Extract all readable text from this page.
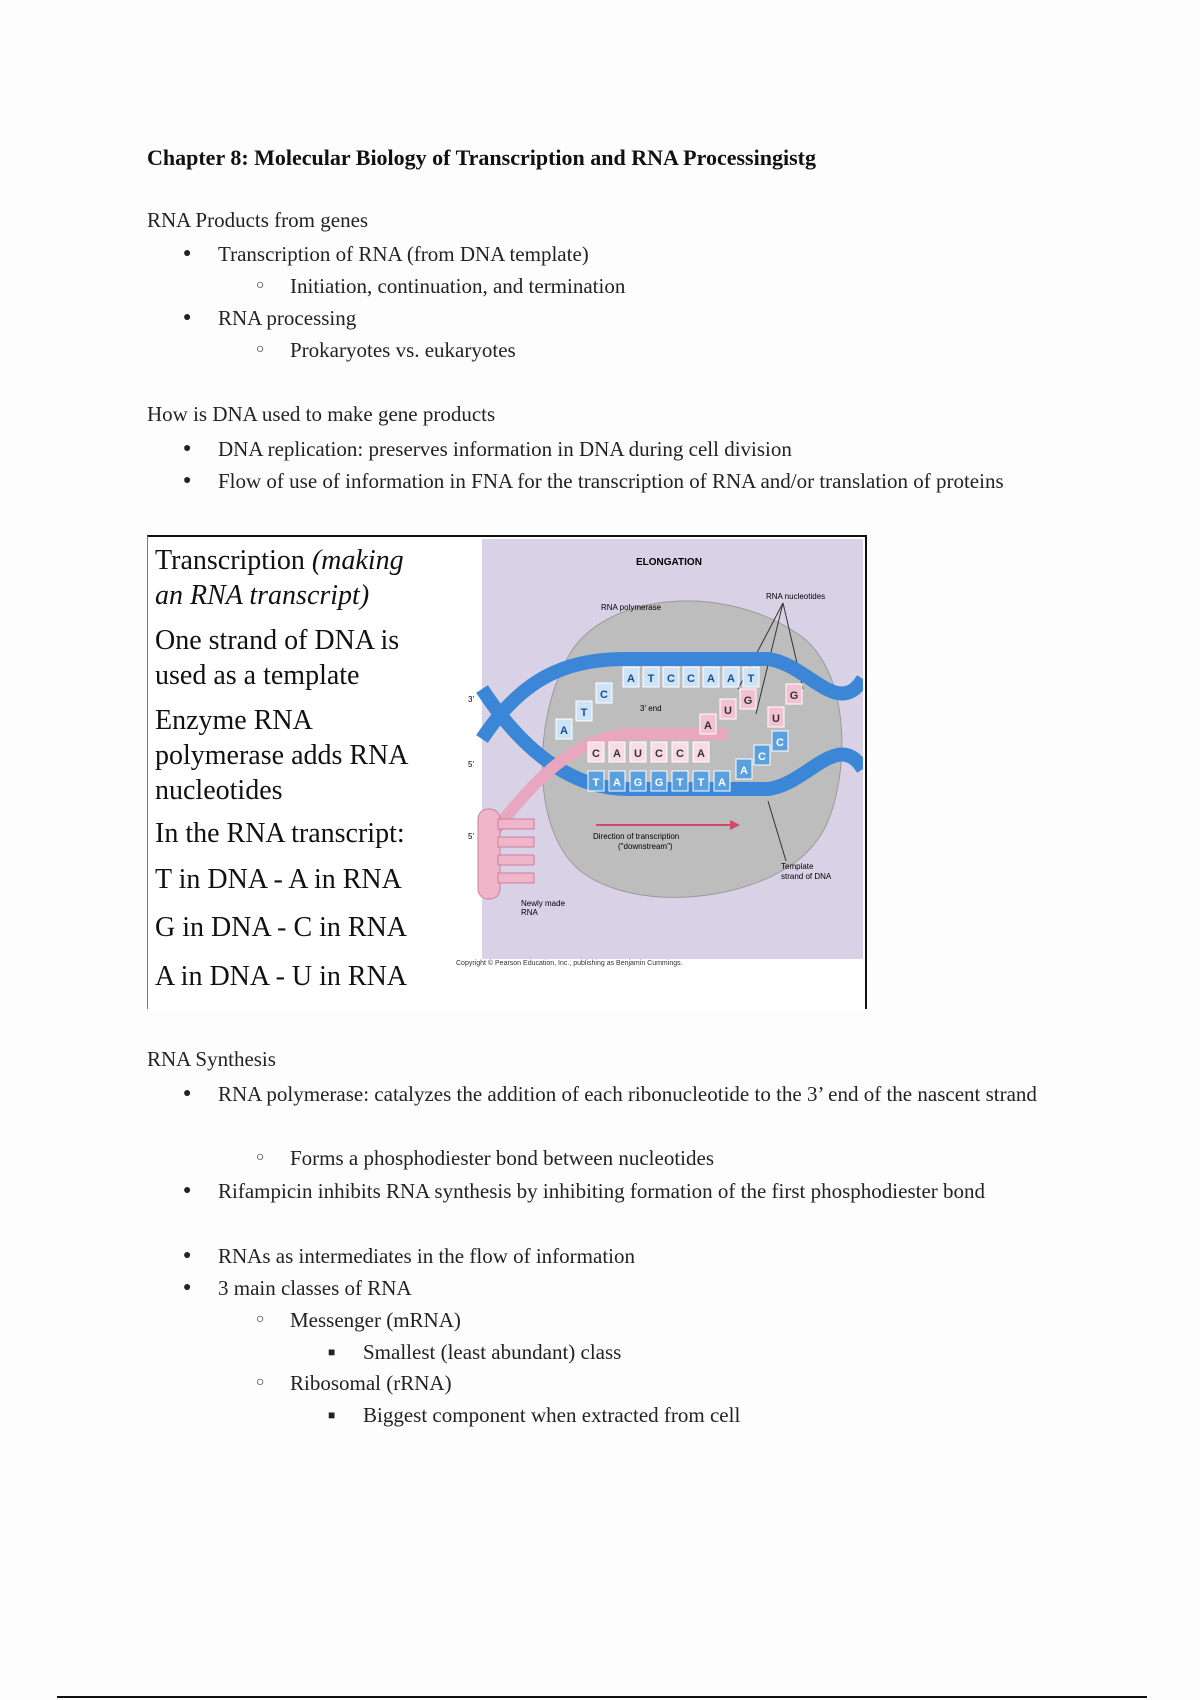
Chapter 8: Molecular Biology of Transcription and RNA Processingistg
RNA Products from genes
● Transcription of RNA (from DNA template)
○ Initiation, continuation, and termination
● RNA processing
○ Prokaryotes vs. eukaryotes
How is DNA used to make gene products
● DNA replication: preserves information in DNA during cell division
● Flow of use of information in FNA for the transcription of RNA and/or translation of proteins

Transcription (making an RNA transcript)

One strand of DNA is used as a template

Enzyme RNA polymerase adds RNA nucleotides

In the RNA transcript:

T in DNA - A in RNA

G in DNA - C in RNA

A in DNA - U in RNA

ELONGATION
RNA polymerase
RNA nucleotides
A T C C A A T
A
T
C
C A U C C A
T A G G T T A
A
C
C
A
U
G
U
G
3' end
Direction of transcription
("downstream")
Template
strand of DNA
Newly made
RNA
3'
5'
5'
Copyright © Pearson Education, Inc., publishing as Benjamin Cummings.
RNA Synthesis
● RNA polymerase: catalyzes the addition of each ribonucleotide to the 3’ end of the nascent strand
○ Forms a phosphodiester bond between nucleotides
● Rifampicin inhibits RNA synthesis by inhibiting formation of the first phosphodiester bond
● RNAs as intermediates in the flow of information
● 3 main classes of RNA
○ Messenger (mRNA)
■ Smallest (least abundant) class
○ Ribosomal (rRNA)
■ Biggest component when extracted from cell
